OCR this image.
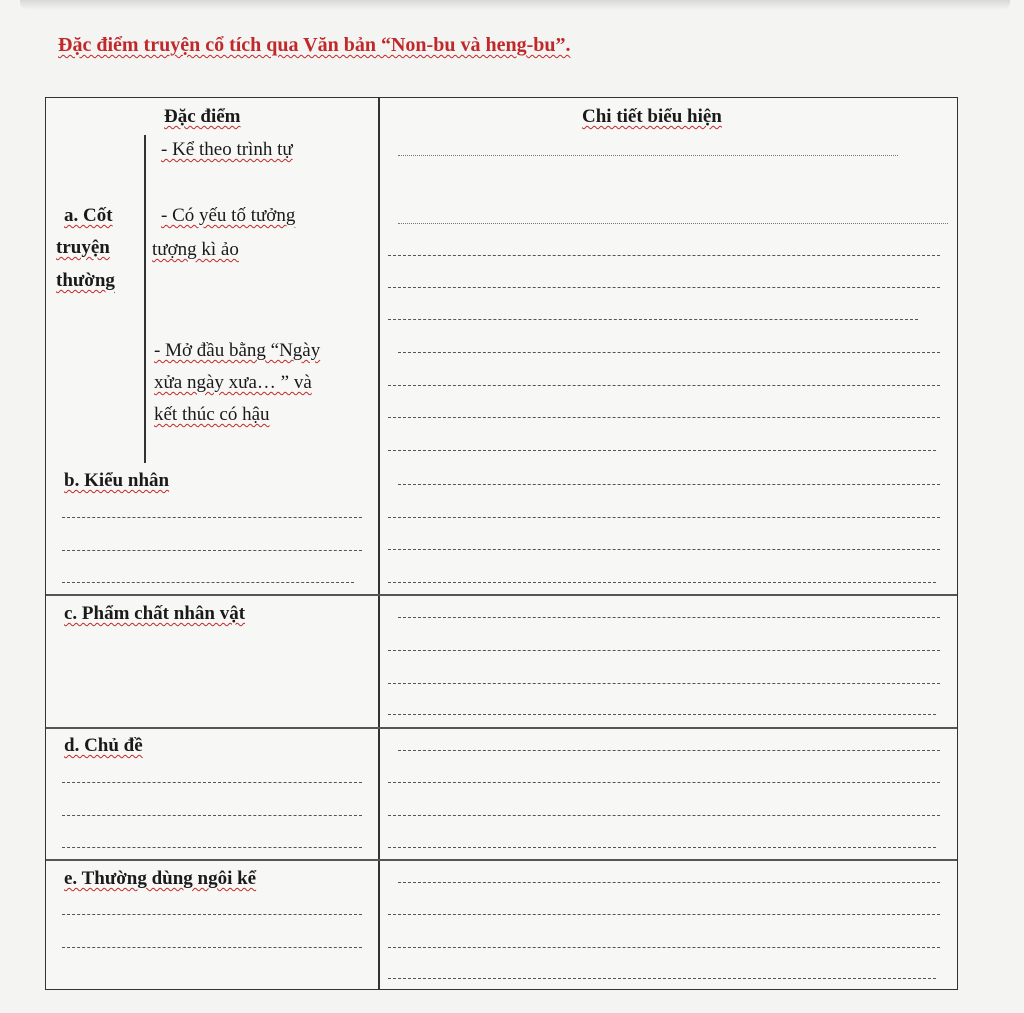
Đặc điểm truyện cổ tích qua Văn bản “Non-bu và heng-bu”.
Đặc điểm	Chi tiết biểu hiện
a. Cốt
truyện
thường
- Kể theo trình tự
- Có yếu tố tưởng
tượng kì ảo
- Mở đầu bằng “Ngày
xửa ngày xưa… ” và
kết thúc có hậu
b. Kiểu nhân
c. Phẩm chất nhân vật
d. Chủ đề
e. Thường dùng ngôi kể
